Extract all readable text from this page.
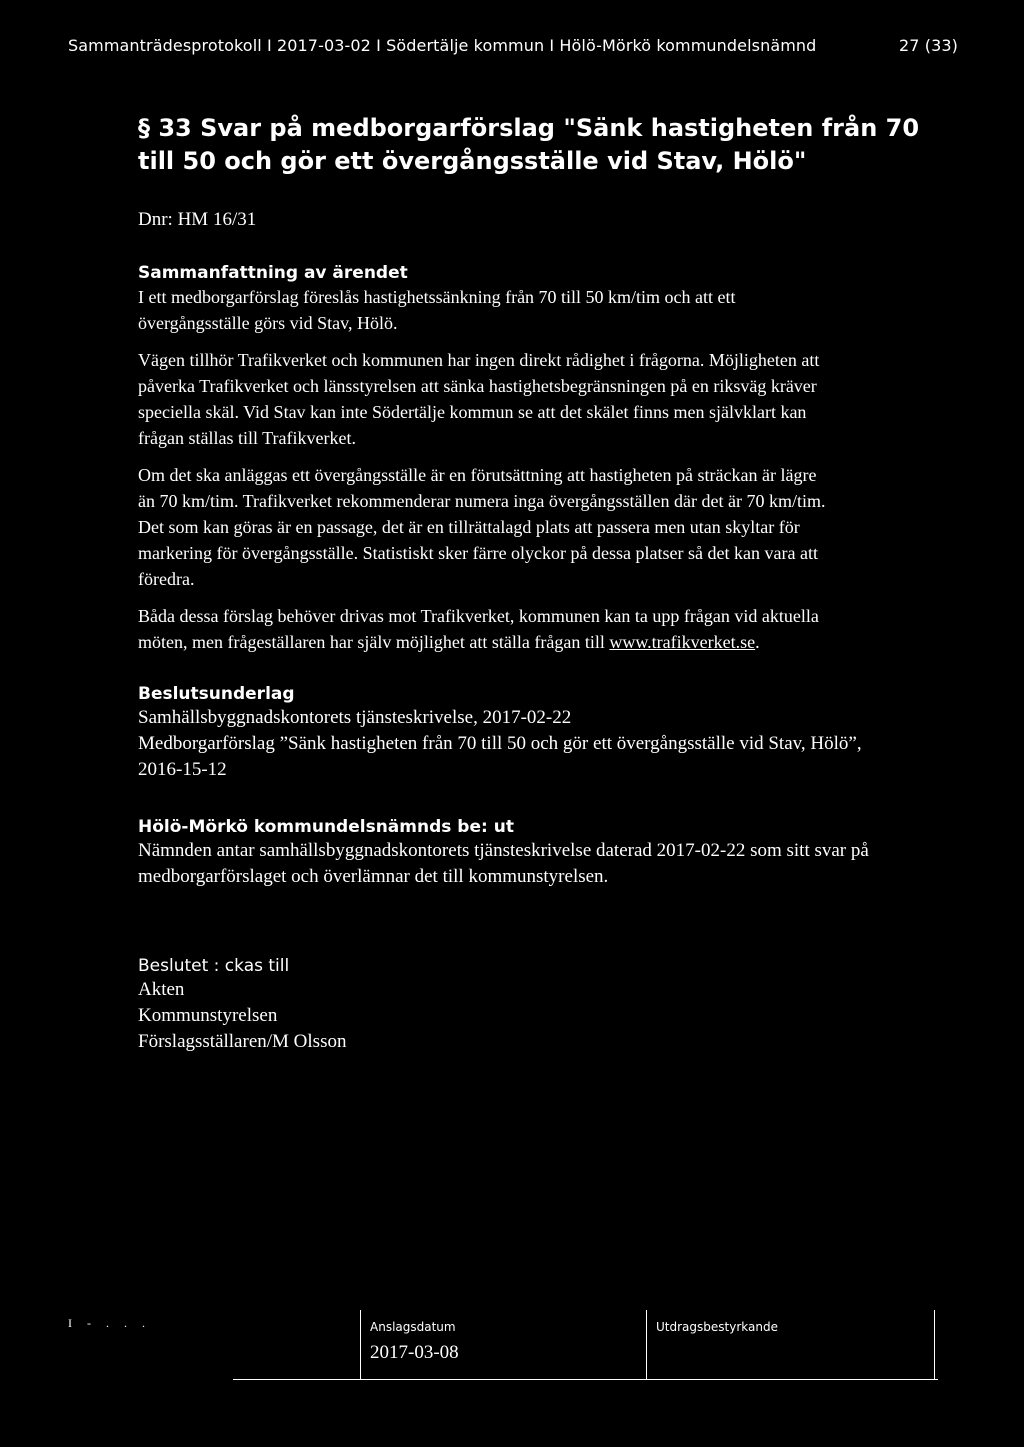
Sammanträdesprotokoll I 2017-03-02 I Södertälje kommun I Hölö-Mörkö kommundelsnämnd	27 (33)
§ 33 Svar på medborgarförslag "Sänk hastigheten från 70
till 50 och gör ett övergångsställe vid Stav, Hölö"
Dnr: HM 16/31
Sammanfattning av ärendet

I ett medborgarförslag föreslås hastighetssänkning från 70 till 50 km/tim och att ett
övergångsställe görs vid Stav, Hölö.

Vägen tillhör Trafikverket och kommunen har ingen direkt rådighet i frågorna. Möjligheten att
påverka Trafikverket och länsstyrelsen att sänka hastighetsbegränsningen på en riksväg kräver
speciella skäl. Vid Stav kan inte Södertälje kommun se att det skälet finns men självklart kan
frågan ställas till Trafikverket.

Om det ska anläggas ett övergångsställe är en förutsättning att hastigheten på sträckan är lägre
än 70 km/tim. Trafikverket rekommenderar numera inga övergångsställen där det är 70 km/tim.
Det som kan göras är en passage, det är en tillrättalagd plats att passera men utan skyltar för
markering för övergångsställe. Statistiskt sker färre olyckor på dessa platser så det kan vara att
föredra.

Båda dessa förslag behöver drivas mot Trafikverket, kommunen kan ta upp frågan vid aktuella
möten, men frågeställaren har själv möjlighet att ställa frågan till www.trafikverket.se.

Beslutsunderlag
Samhällsbyggnadskontorets tjänsteskrivelse, 2017-02-22
Medborgarförslag ”Sänk hastigheten från 70 till 50 och gör ett övergångsställe vid Stav, Hölö”,
2016-15-12
Hölö-Mörkö kommundelsnämnds be: ut
Nämnden antar samhällsbyggnadskontorets tjänsteskrivelse daterad 2017-02-22 som sitt svar på
medborgarförslaget och överlämnar det till kommunstyrelsen.
Beslutet : ckas till
Akten
Kommunstyrelsen
Förslagsställaren/M Olsson
I - . . .	Anslagsdatum
2017-03-08
Utdragsbestyrkande
